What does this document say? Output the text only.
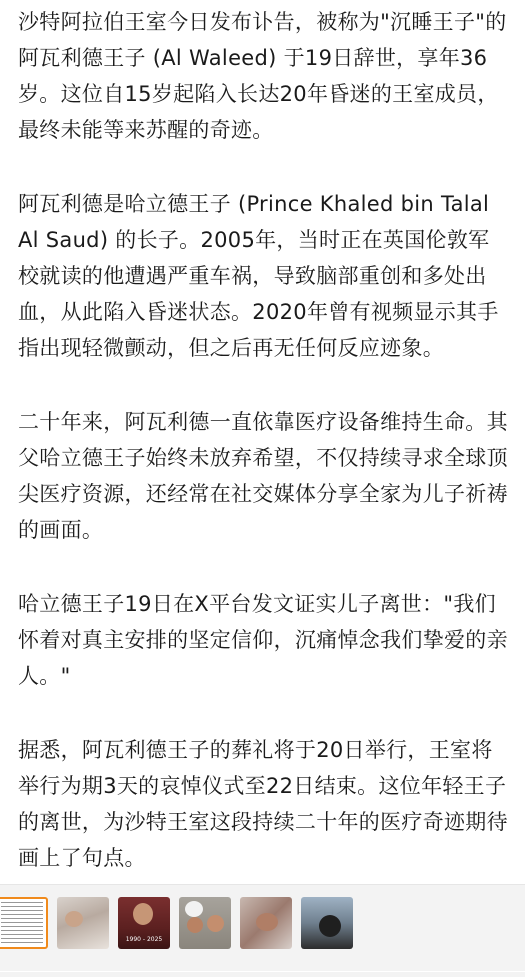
沙特阿拉伯王室今日发布讣告，被称为"沉睡王子"的阿瓦利德王子 (Al Waleed) 于19日辞世，享年36岁。这位自15岁起陷入长达20年昏迷的王室成员，最终未能等来苏醒的奇迹。

阿瓦利德是哈立德王子 (Prince Khaled bin Talal Al Saud) 的长子。2005年，当时正在英国伦敦军校就读的他遭遇严重车祸，导致脑部重创和多处出血，从此陷入昏迷状态。2020年曾有视频显示其手指出现轻微颤动，但之后再无任何反应迹象。

二十年来，阿瓦利德一直依靠医疗设备维持生命。其父哈立德王子始终未放弃希望，不仅持续寻求全球顶尖医疗资源，还经常在社交媒体分享全家为儿子祈祷的画面。

哈立德王子19日在X平台发文证实儿子离世："我们怀着对真主安排的坚定信仰，沉痛悼念我们挚爱的亲人。"

据悉，阿瓦利德王子的葬礼将于20日举行，王室将举行为期3天的哀悼仪式至22日结束。这位年轻王子的离世，为沙特王室这段持续二十年的医疗奇迹期待画上了句点。

1990 - 2025
